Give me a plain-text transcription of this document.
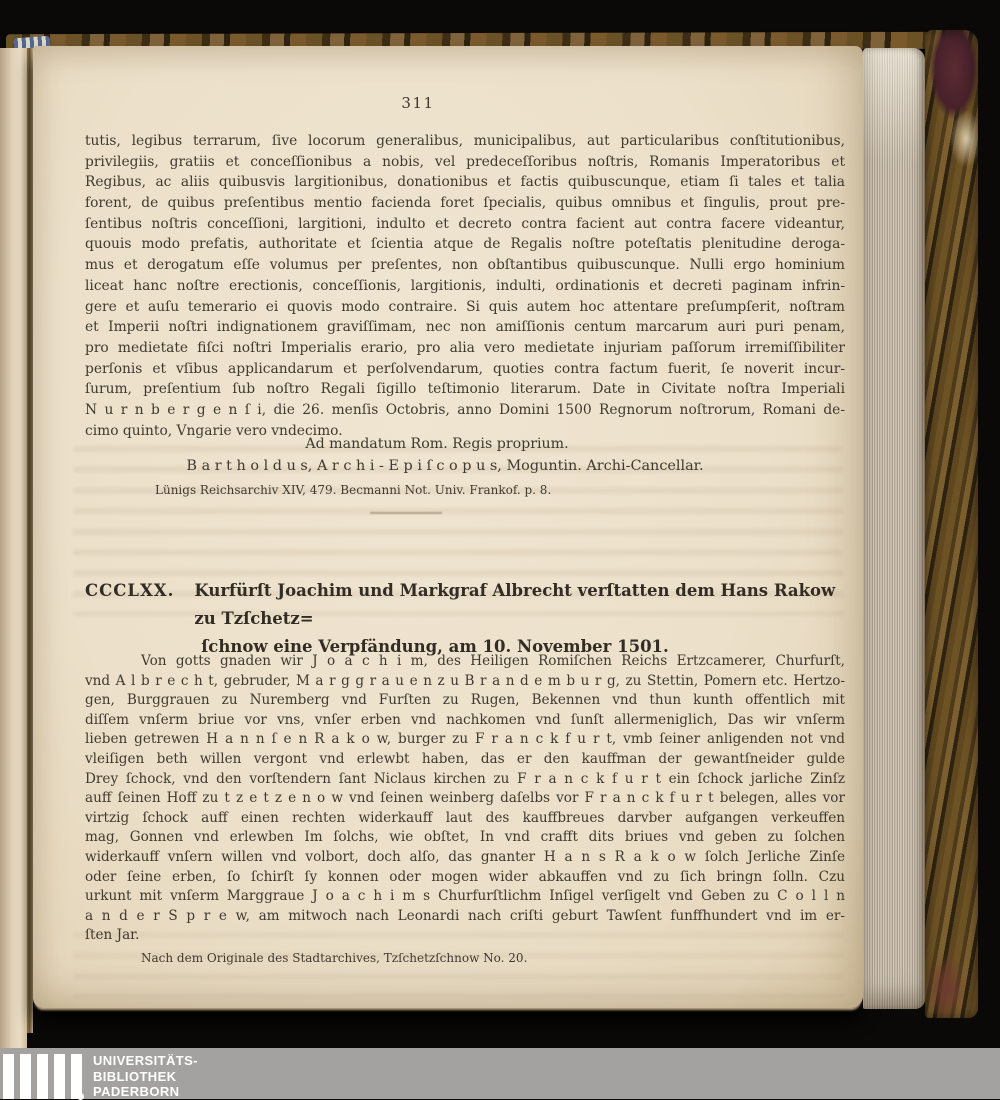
311
tutis, legibus terrarum, ſive locorum generalibus, municipalibus, aut particularibus conſtitutionibus,
privilegiis, gratiis et conceſſionibus a nobis, vel predeceſſoribus noſtris, Romanis Imperatoribus et
Regibus, ac aliis quibusvis largitionibus, donationibus et factis quibuscunque, etiam ſi tales et talia
forent, de quibus preſentibus mentio facienda foret ſpecialis, quibus omnibus et ſingulis, prout pre-
ſentibus noſtris conceſſioni, largitioni, indulto et decreto contra facient aut contra facere videantur,
quouis modo prefatis, authoritate et ſcientia atque de Regalis noſtre poteſtatis plenitudine deroga-
mus et derogatum eſſe volumus per preſentes, non obſtantibus quibuscunque. Nulli ergo hominium
liceat hanc noſtre erectionis, conceſſionis, largitionis, indulti, ordinationis et decreti paginam infrin-
gere et auſu temerario ei quovis modo contraire. Si quis autem hoc attentare preſumpſerit, noſtram
et Imperii noſtri indignationem graviſſimam, nec non amiſſionis centum marcarum auri puri penam,
pro medietate fiſci noſtri Imperialis erario, pro alia vero medietate injuriam paſſorum irremiſſibiliter
perſonis et vſibus applicandarum et perſolvendarum, quoties contra factum fuerit, ſe noverit incur-
ſurum, preſentium ſub noſtro Regali ſigillo teſtimonio literarum. Date in Civitate noſtra Imperiali
N u r n b e r g e n ſ i, die 26. menſis Octobris, anno Domini 1500 Regnorum noſtrorum, Romani de-
cimo quinto, Vngarie vero vndecimo.
Ad mandatum Rom. Regis proprium.
B a r t h o l d u s, A r c h i - E p i ſ c o p u s, Moguntin. Archi-Cancellar.
Lünigs Reichsarchiv XIV, 479. Becmanni Not. Univ. Frankof. p. 8.
CCCLXX. Kurfürſt Joachim und Markgraf Albrecht verſtatten dem Hans Rakow zu Tzſchetz=
ſchnow eine Verpfändung, am 10. November 1501.
Von gotts gnaden wir J o a c h i m, des Heiligen Romiſchen Reichs Ertzcamerer, Churfurſt,
vnd A l b r e c h t, gebruder, M a r g g r a u e n z u B r a n d e m b u r g, zu Stettin, Pomern etc. Hertzo-
gen, Burggrauen zu Nuremberg vnd Furſten zu Rugen, Bekennen vnd thun kunth offentlich mit
diſſem vnſerm briue vor vns, vnſer erben vnd nachkomen vnd ſunſt allermeniglich, Das wir vnſerm
lieben getrewen H a n n ſ e n R a k o w, burger zu F r a n c k f u r t, vmb ſeiner anligenden not vnd
vleiſigen beth willen vergont vnd erlewbt haben, das er den kauffman der gewantſneider gulde
Drey ſchock, vnd den vorſtendern ſant Niclaus kirchen zu F r a n c k f u r t ein ſchock jarliche Zinſz
auff ſeinen Hoff zu t z e t z e n o w vnd ſeinen weinberg daſelbs vor F r a n c k f u r t belegen, alles vor
virtzig ſchock auff einen rechten widerkauff laut des kauffbreues darvber aufgangen verkeuffen
mag, Gonnen vnd erlewben Im ſolchs, wie obſtet, In vnd crafft dits briues vnd geben zu ſolchen
widerkauff vnſern willen vnd volbort, doch alſo, das gnanter H a n s R a k o w ſolch Jerliche Zinſe
oder ſeine erben, ſo ſchirſt ſy konnen oder mogen wider abkauffen vnd zu ſich bringn ſolln. Czu
urkunt mit vnſerm Marggraue J o a c h i m s Churfurſtlichm Inſigel verſigelt vnd Geben zu C o l l n
a n d e r S p r e w, am mitwoch nach Leonardi nach criſti geburt Tawſent funffhundert vnd im er-
ſten Jar.
Nach dem Originale des Stadtarchives, Tzſchetzſchnow No. 20.
UNIVERSITÄTS-
BIBLIOTHEK
PADERBORN
